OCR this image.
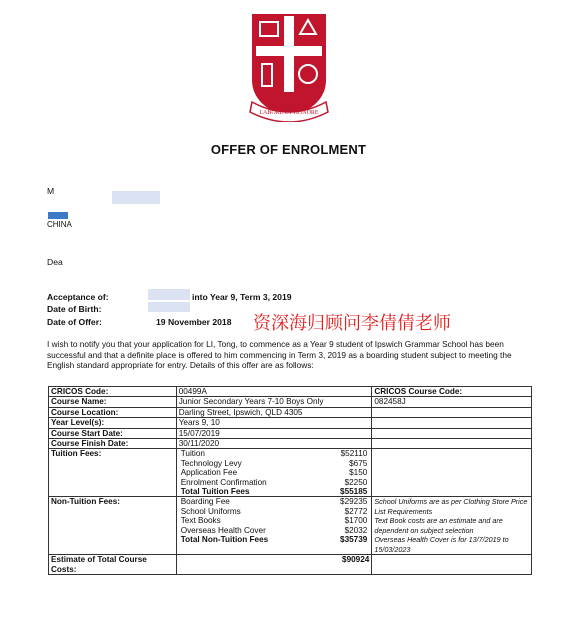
LABORE ET HONORE
OFFER OF ENROLMENT
M
CHINA
Dea
Acceptance of:	into Year 9, Term 3, 2019
Date of Birth:
Date of Offer:	19 November 2018 资深海归顾问李倩倩老师
I wish to notify you that your application for LI, Tong, to commence as a Year 9 student of Ipswich Grammar School has been successful and that a definite place is offered to him commencing in Term 3, 2019 as a boarding student subject to meeting the English standard appropriate for entry. Details of this offer are as follows:
CRICOS Code:	00499A	CRICOS Course Code:
Course Name:	Junior Secondary Years 7-10 Boys Only	082458J
Course Location:	Darling Street, Ipswich, QLD 4305	
Year Level(s):	Years 9, 10	
Course Start Date:	15/07/2019	
Course Finish Date:	30/11/2020	
Tuition Fees:		Tuition	$52110
Technology Levy	$675
Application Fee	$150
Enrolment Confirmation	$2250
Total Tuition Fees	$55185

Non-Tuition Fees:		Boarding Fee	$29235
School Uniforms	$2772
Text Books	$1700
Overseas Health Cover	$2032
Total Non-Tuition Fees	$35739

School Uniforms are as per Clothing Store Price List Requirements
Text Book costs are an estimate and are dependent on subject selection
Overseas Health Cover is for 13/7/2019 to 15/03/2023

Estimate of Total Course Costs:	$90924	
